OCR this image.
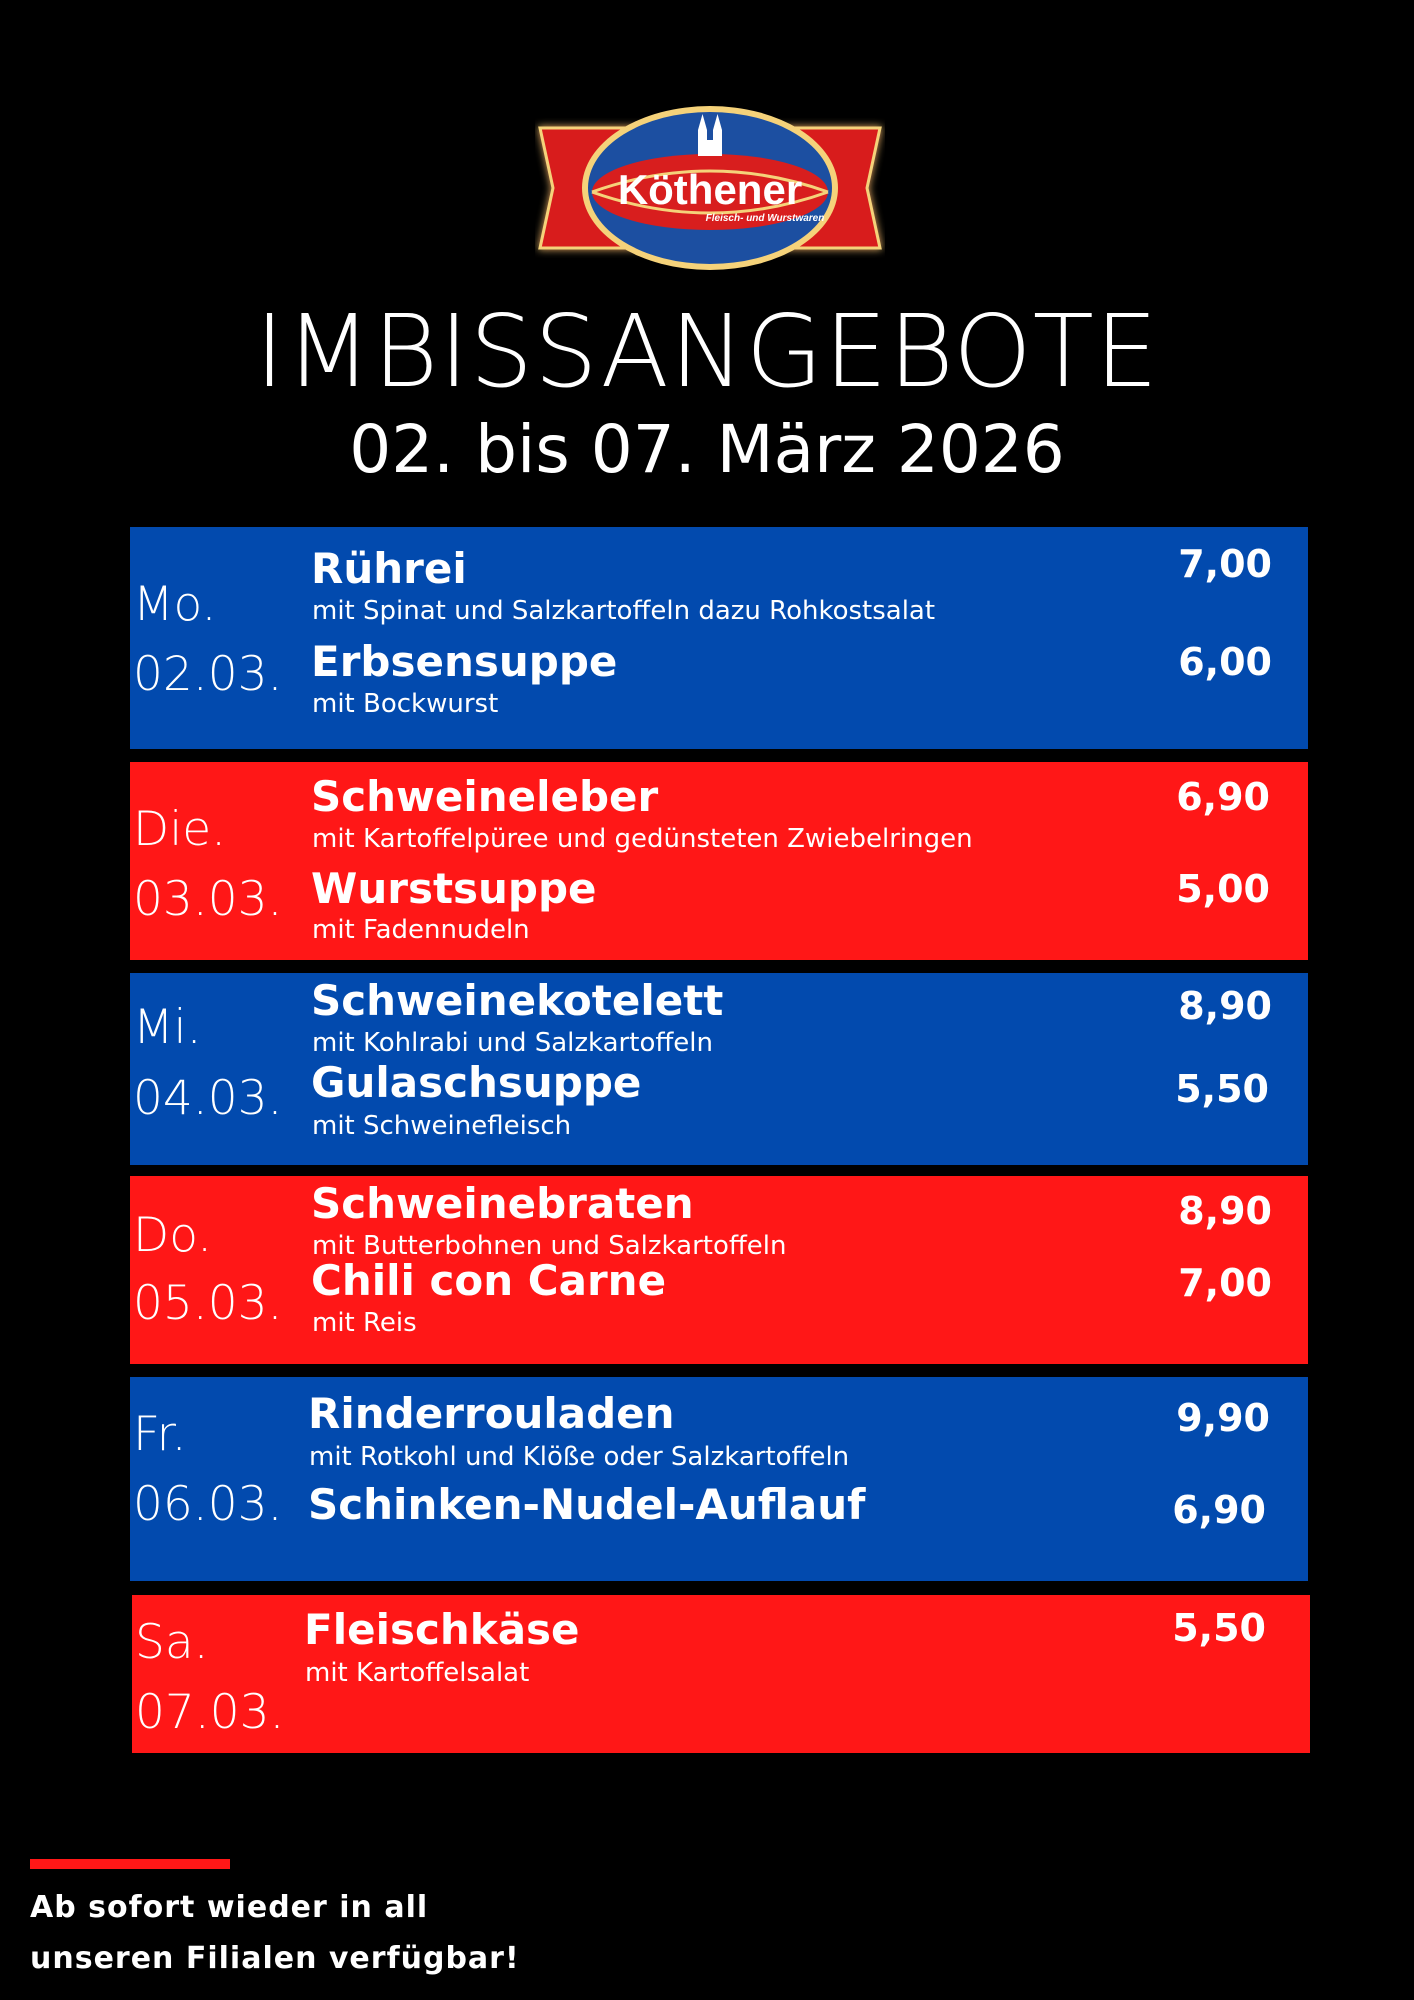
Köthener
Fleisch- und Wurstwaren
IMBISSANGEBOTE
02. bis 07. März 2026
Mo.
02.03.
Rührei
mit Spinat und Salzkartoffeln dazu Rohkostsalat
7,00
Erbsensuppe
mit Bockwurst
6,00
Die.
03.03.
Schweineleber
mit Kartoffelpüree und gedünsteten Zwiebelringen
6,90
Wurstsuppe
mit Fadennudeln
5,00
Mi.
04.03.
Schweinekotelett
mit Kohlrabi und Salzkartoffeln
8,90
Gulaschsuppe
mit Schweinefleisch
5,50
Do.
05.03.
Schweinebraten
mit Butterbohnen und Salzkartoffeln
8,90
Chili con Carne
mit Reis
7,00
Fr.
06.03.
Rinderrouladen
mit Rotkohl und Klöße oder Salzkartoffeln
9,90
Schinken-Nudel-Auflauf	6,90
Sa.
07.03.
Fleischkäse
mit Kartoffelsalat
5,50
Ab sofort wieder in all
unseren Filialen verfügbar!
